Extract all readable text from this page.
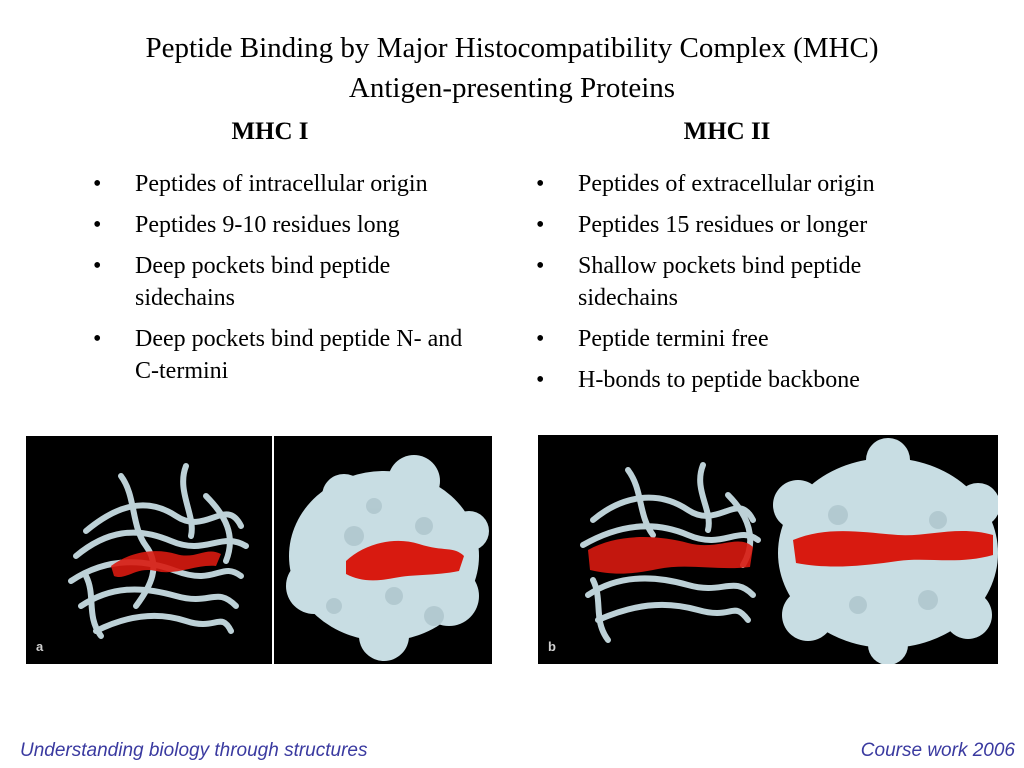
Peptide Binding by Major Histocompatibility Complex (MHC)
Antigen-presenting Proteins
MHC I	MHC II
• Peptides of intracellular origin
• Peptides 9-10 residues long
• Deep pockets bind peptide sidechains
• Deep pockets bind peptide N- and C-termini
• Peptides of extracellular origin
• Peptides 15 residues or longer
• Shallow pockets bind peptide sidechains
• Peptide termini free
• H-bonds to peptide backbone
a	b
Understanding biology through structures	Course work 2006
